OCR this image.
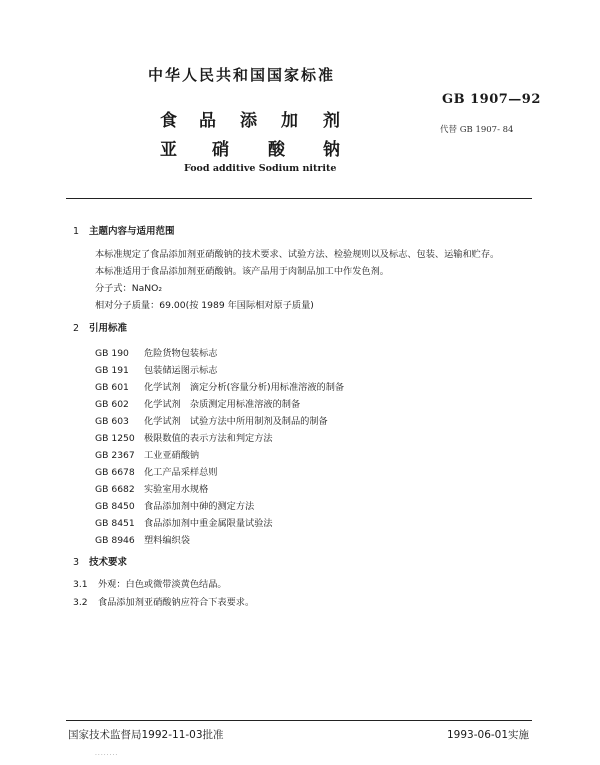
中华人民共和国国家标准
GB 1907—92
食 品 添 加 剂
亚 硝 酸 钠
代替 GB 1907- 84
Food additive Sodium nitrite
1 主题内容与适用范围
本标准规定了食品添加剂亚硝酸钠的技术要求、试验方法、检验规则以及标志、包装、运输和贮存。
本标准适用于食品添加剂亚硝酸钠。该产品用于肉制品加工中作发色剂。
分子式：NaNO₂
相对分子质量：69.00(按 1989 年国际相对原子质量)
2 引用标准
GB 190 危险货物包装标志
GB 191 包装储运图示标志
GB 601 化学试剂　滴定分析(容量分析)用标准溶液的制备
GB 602 化学试剂　杂质测定用标准溶液的制备
GB 603 化学试剂　试验方法中所用制剂及制品的制备
GB 1250 极限数值的表示方法和判定方法
GB 2367 工业亚硝酸钠
GB 6678 化工产品采样总则
GB 6682 实验室用水规格
GB 8450 食品添加剂中砷的测定方法
GB 8451 食品添加剂中重金属限量试验法
GB 8946 塑料编织袋
3 技术要求
3.1 外观：白色或微带淡黄色结晶。
3.2 食品添加剂亚硝酸钠应符合下表要求。
国家技术监督局1992-11-03批准	1993-06-01实施
········
